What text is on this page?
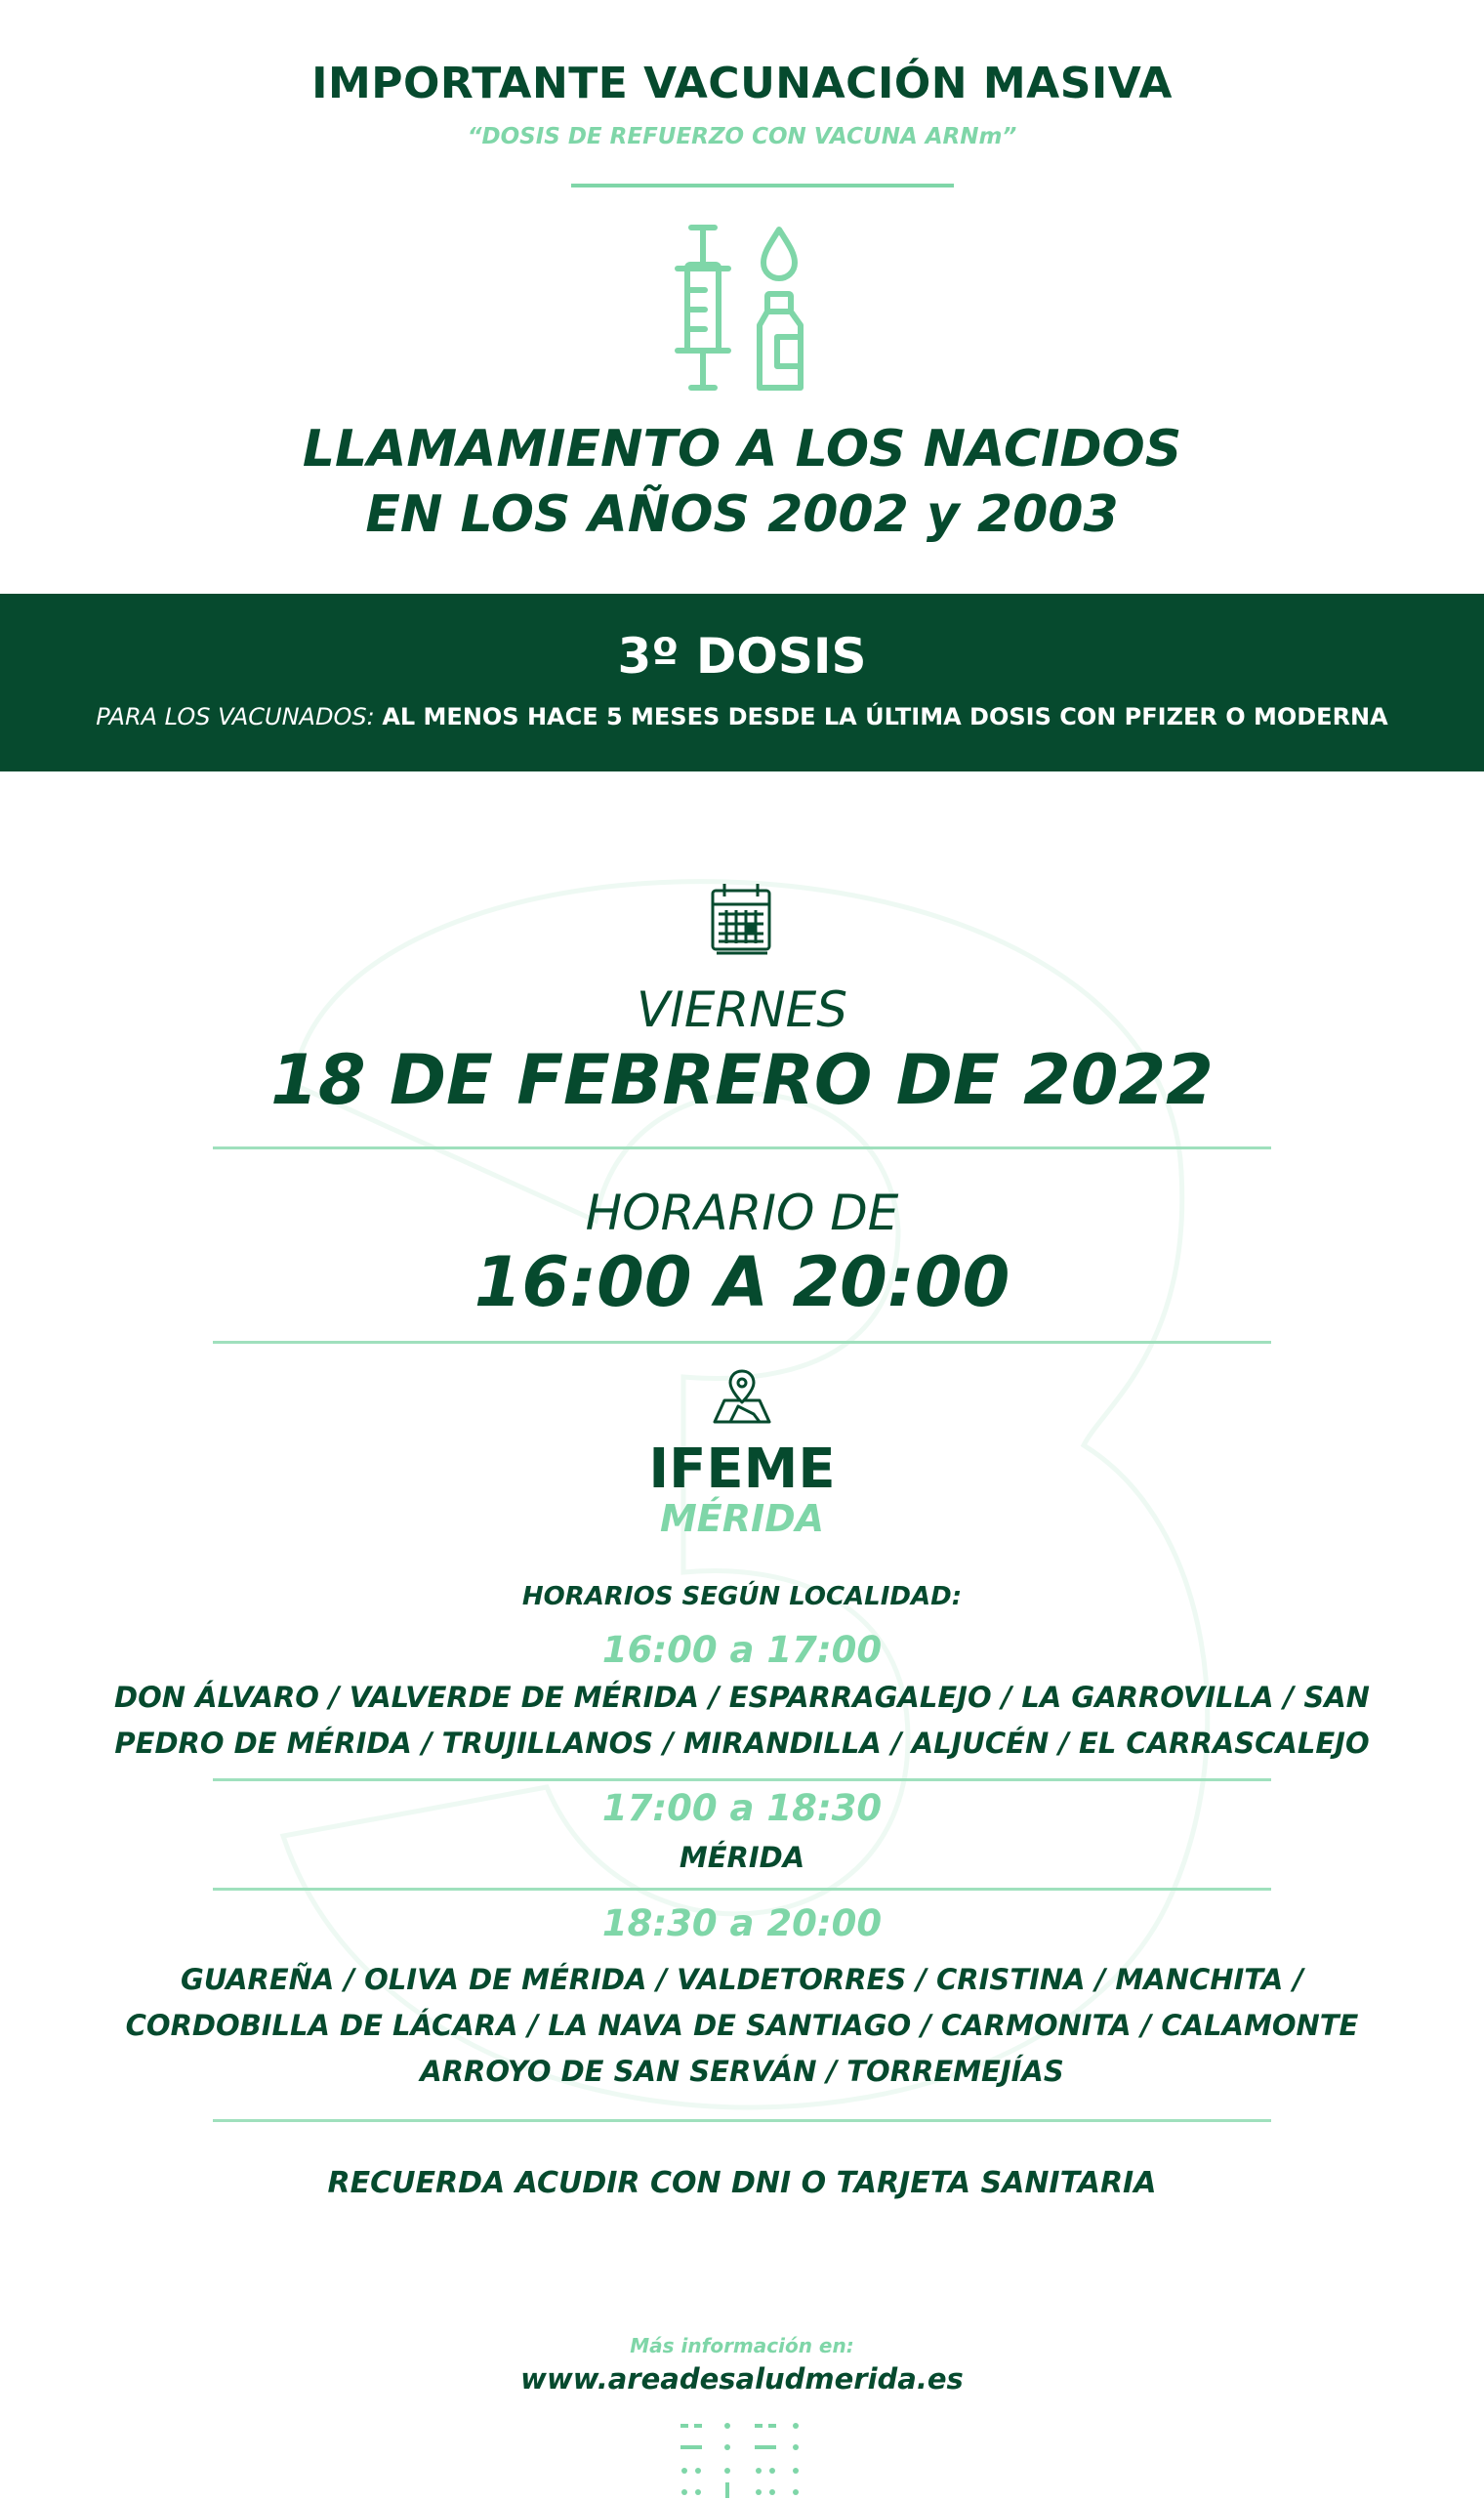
IMPORTANTE VACUNACIÓN MASIVA

“DOSIS DE REFUERZO CON VACUNA ARNm”

LLAMAMIENTO A LOS NACIDOS

EN LOS AÑOS 2002 y 2003

3º DOSIS

PARA LOS VACUNADOS: AL MENOS HACE 5 MESES DESDE LA ÚLTIMA DOSIS CON PFIZER O MODERNA

VIERNES

18 DE FEBRERO DE 2022

HORARIO DE

16:00 A 20:00

IFEME

MÉRIDA

HORARIOS SEGÚN LOCALIDAD:

16:00 a 17:00

DON ÁLVARO / VALVERDE DE MÉRIDA / ESPARRAGALEJO / LA GARROVILLA / SAN

PEDRO DE MÉRIDA / TRUJILLANOS / MIRANDILLA / ALJUCÉN / EL CARRASCALEJO

17:00 a 18:30

MÉRIDA

18:30 a 20:00

GUAREÑA / OLIVA DE MÉRIDA / VALDETORRES / CRISTINA / MANCHITA /

CORDOBILLA DE LÁCARA / LA NAVA DE SANTIAGO / CARMONITA / CALAMONTE

ARROYO DE SAN SERVÁN / TORREMEJÍAS

RECUERDA ACUDIR CON DNI O TARJETA SANITARIA

Más información en:

www.areadesaludmerida.es
